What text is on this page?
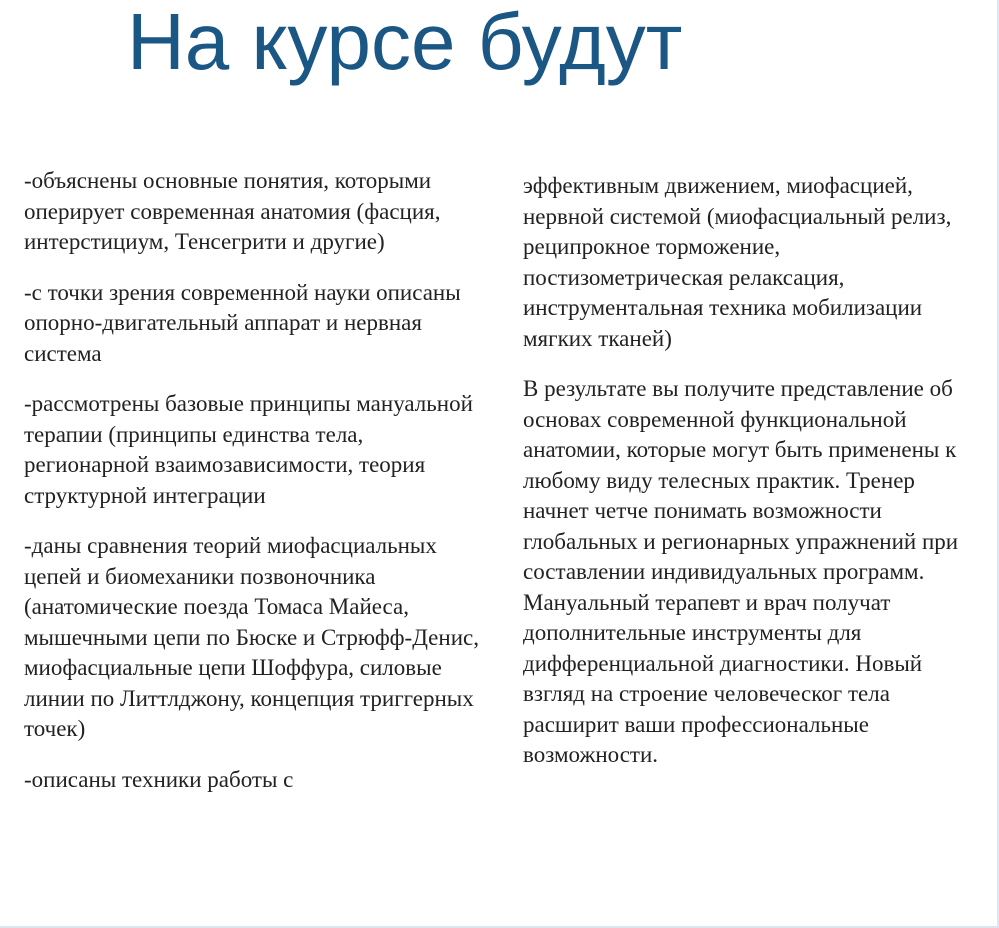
На курсе будут

-объяснены основные понятия, которыми оперирует современная анатомия (фасция, интерстициум, Тенсегрити и другие)

-с точки зрения современной науки описаны опорно-двигательный аппарат и нервная система

-рассмотрены базовые принципы мануальной терапии (принципы единства тела, регионарной взаимозависимости, теория структурной интеграции

-даны сравнения теорий миофасциальных цепей и биомеханики позвоночника (анатомические поезда Томаса Майеса, мышечными цепи по Бюске и Стрюфф-Денис, миофасциальные цепи Шоффура, силовые линии по Литтлджону, концепция триггерных точек)

-описаны техники работы с

эффективным движением, миофасцией, нервной системой (миофасциальный релиз, реципрокное торможение, постизометрическая релаксация, инструментальная техника мобилизации мягких тканей)

В результате вы получите представление об основах современной функциональной анатомии, которые могут быть применены к любому виду телесных практик. Тренер начнет четче понимать возможности глобальных и регионарных упражнений при составлении индивидуальных программ. Мануальный терапевт и врач получат дополнительные инструменты для дифференциальной диагностики. Новый взгляд на строение человеческог тела расширит ваши профессиональные возможности.
